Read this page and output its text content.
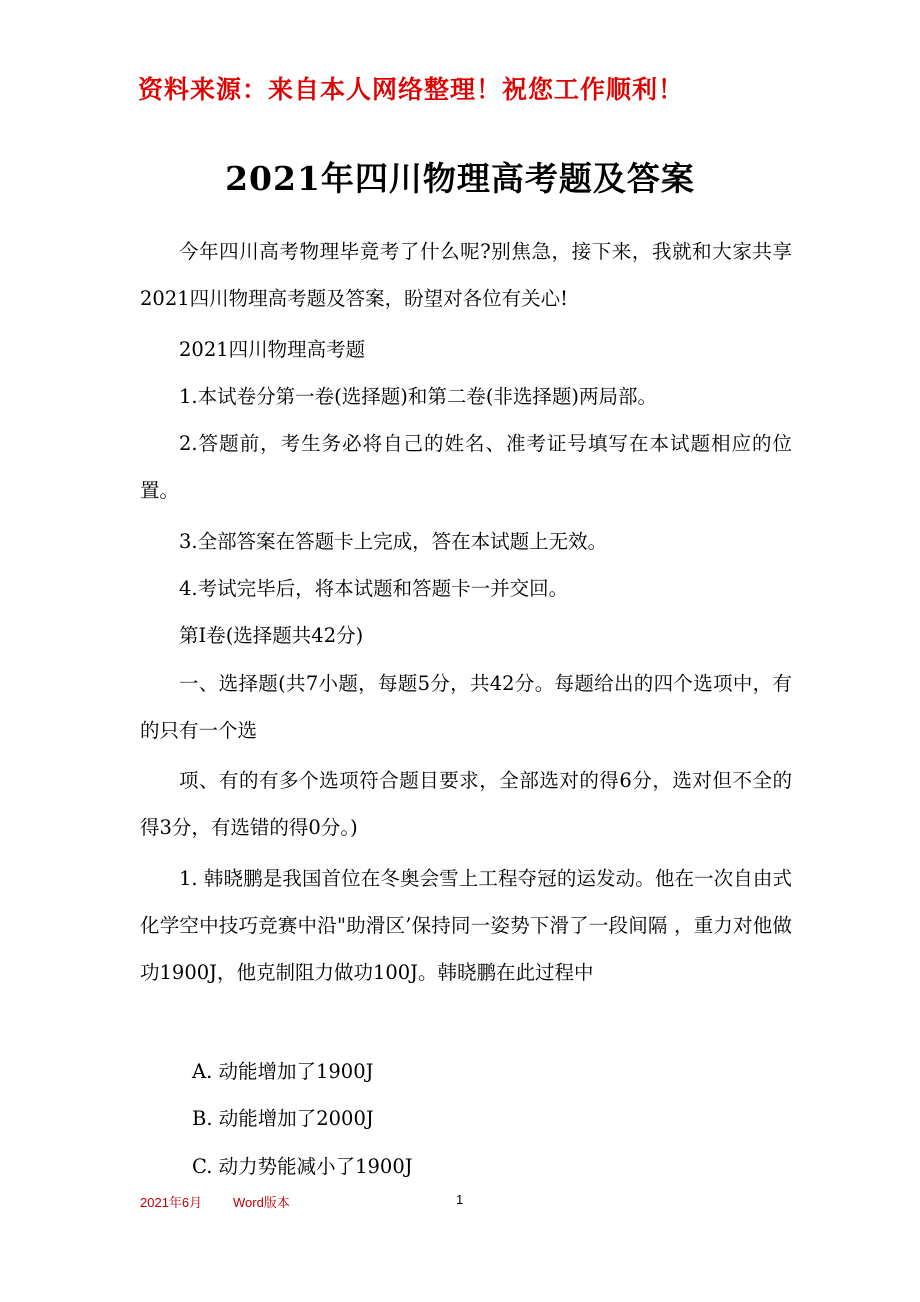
资料来源：来自本人网络整理！祝您工作顺利！
2021年四川物理高考题及答案

今年四川高考物理毕竟考了什么呢?别焦急，接下来，我就和大家共享2021四川物理高考题及答案，盼望对各位有关心!

2021四川物理高考题

1.本试卷分第一卷(选择题)和第二卷(非选择题)两局部。

2.答题前，考生务必将自己的姓名、准考证号填写在本试题相应的位置。

3.全部答案在答题卡上完成，答在本试题上无效。

4.考试完毕后，将本试题和答题卡一并交回。

第Ⅰ卷(选择题共42分)

一、选择题(共7小题，每题5分，共42分。每题给出的四个选项中，有的只有一个选

项、有的有多个选项符合题目要求，全部选对的得6分，选对但不全的得3分，有选错的得0分。)

1. 韩晓鹏是我国首位在冬奥会雪上工程夺冠的运发动。他在一次自由式化学空中技巧竞赛中沿"助滑区’保持同一姿势下滑了一段间隔 ，重力对他做功1900J，他克制阻力做功100J。韩晓鹏在此过程中

A. 动能增加了1900J

B. 动能增加了2000J

C. 动力势能减小了1900J

2021年6月 Word版本	1
